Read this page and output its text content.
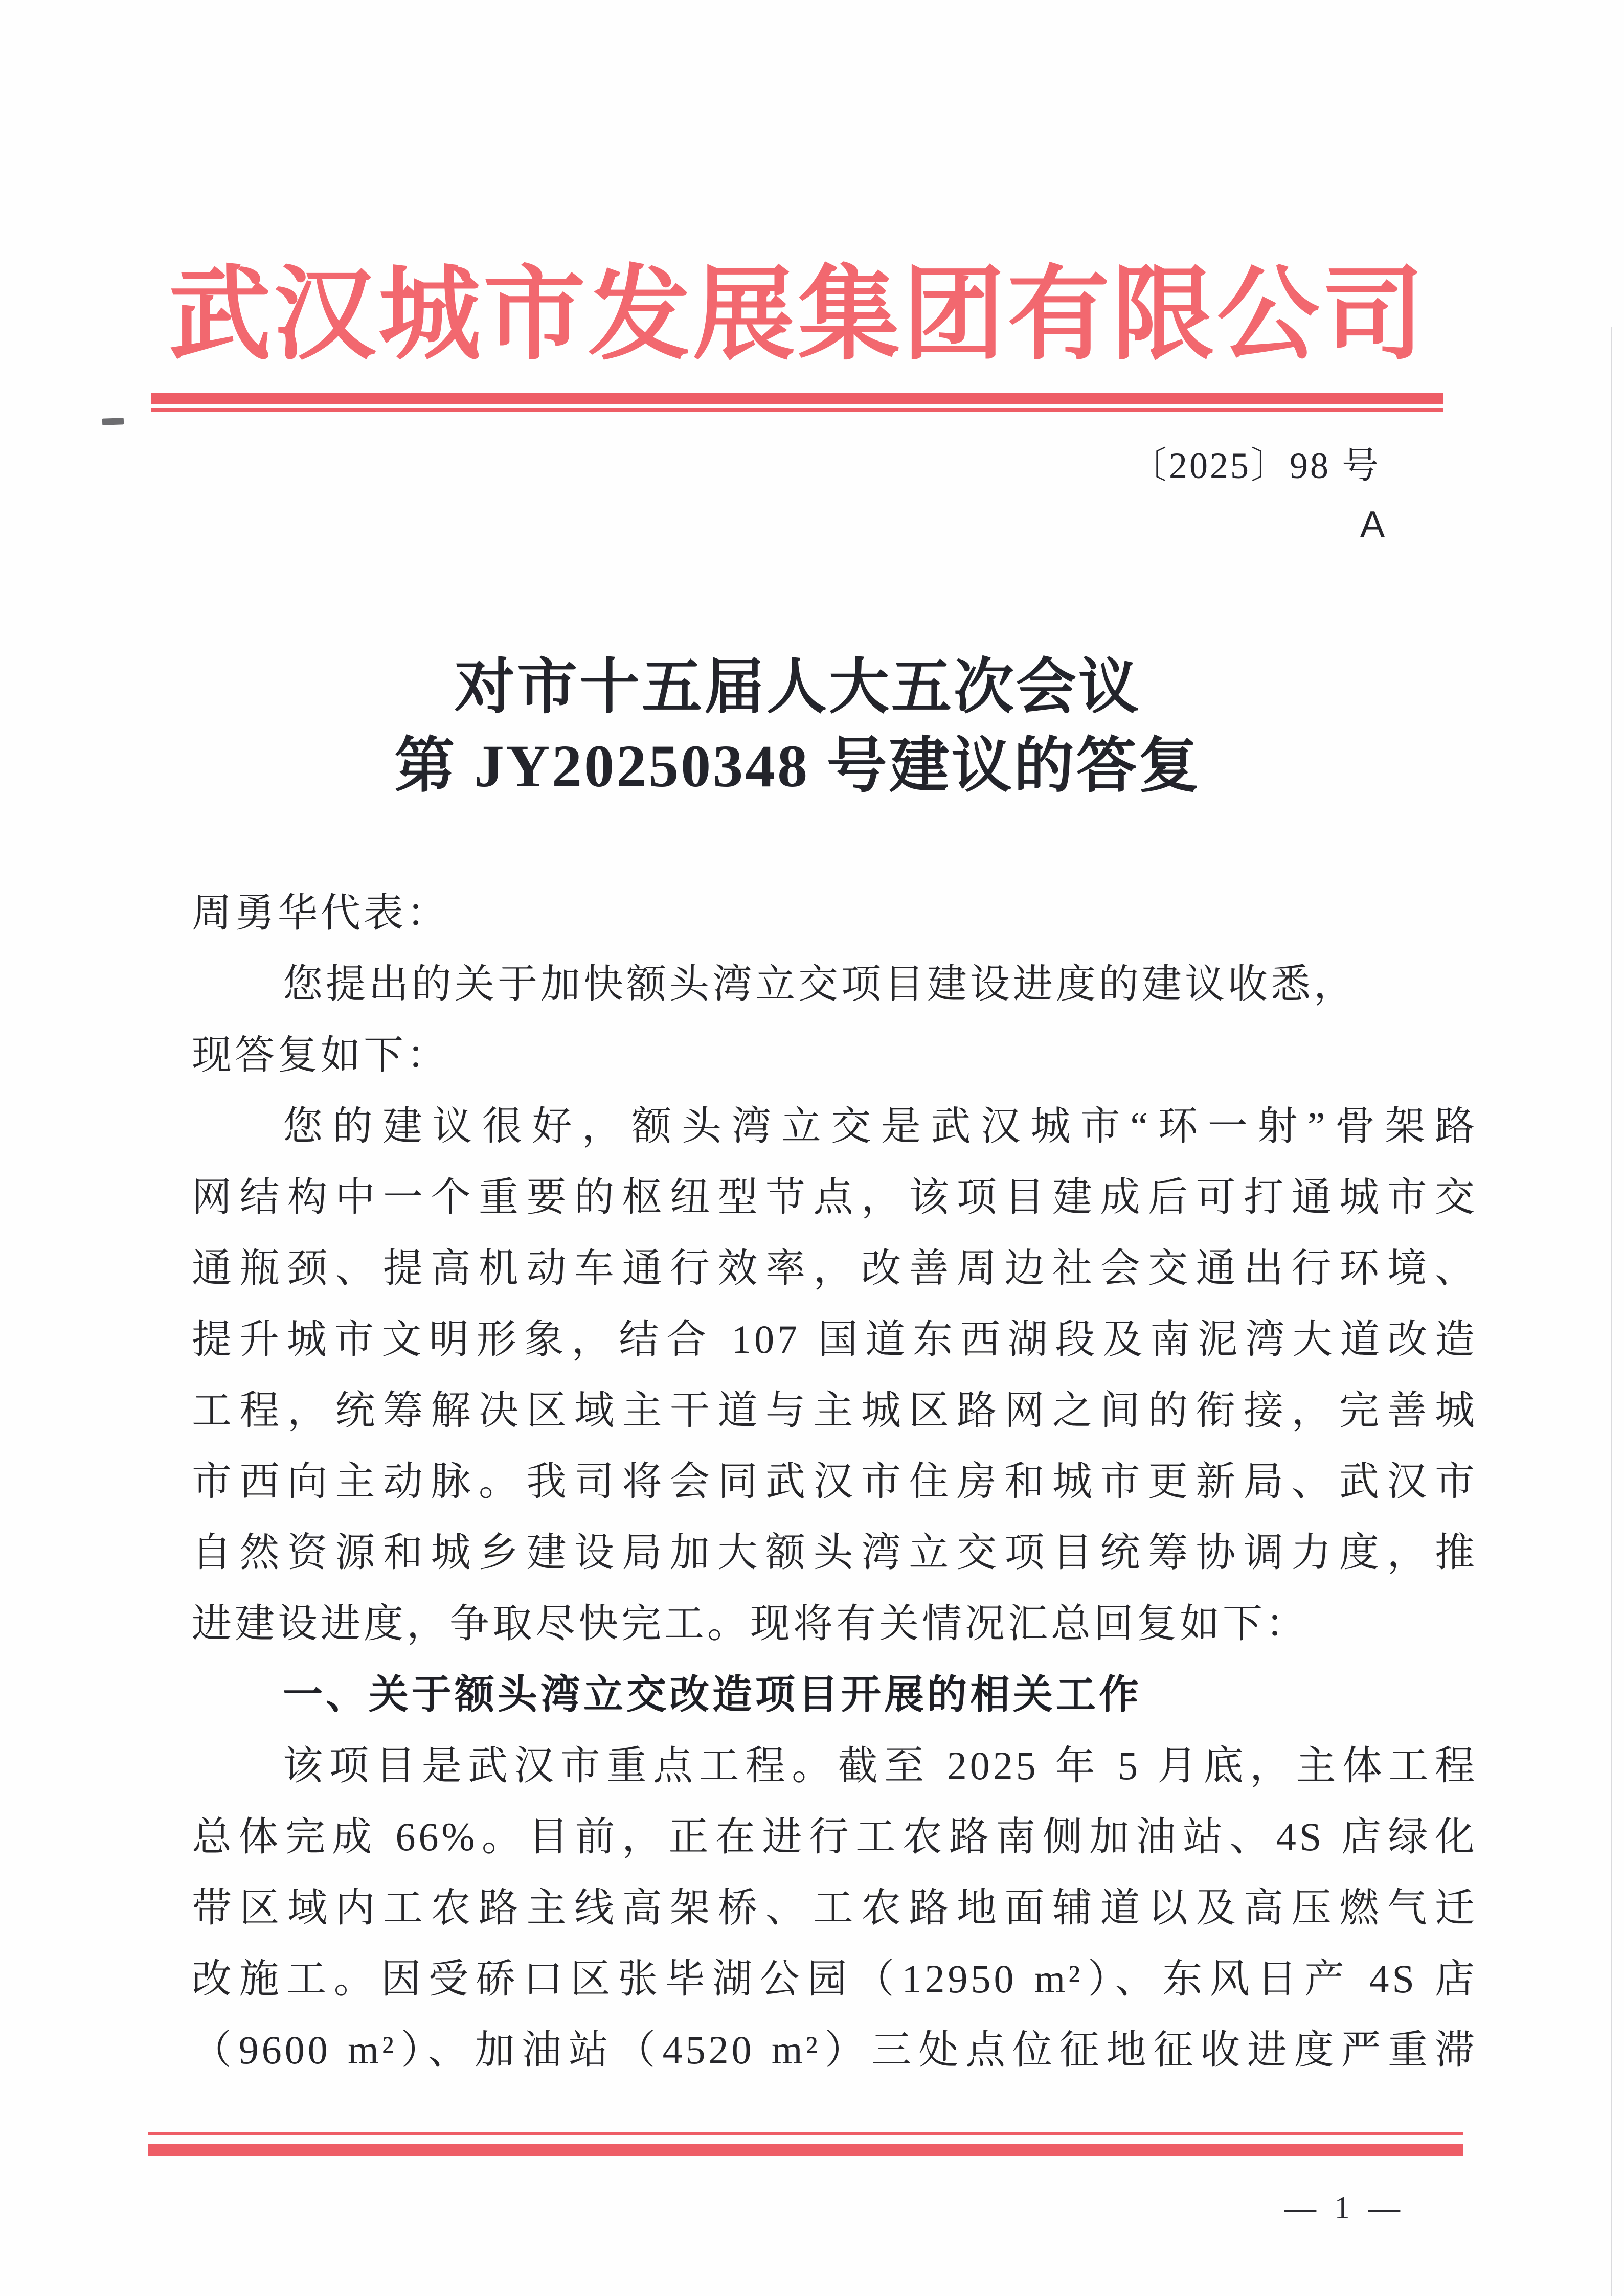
武汉城市发展集团有限公司
〔2025〕98 号
A
对市十五届人大五次会议
第 JY20250348 号建议的答复
周勇华代表：
您提出的关于加快额头湾立交项目建设进度的建议收悉，
现答复如下：
您的建议很好，额头湾立交是武汉城市“环一射”骨架路
网结构中一个重要的枢纽型节点，该项目建成后可打通城市交
通瓶颈、提高机动车通行效率，改善周边社会交通出行环境、
提升城市文明形象，结合 107 国道东西湖段及南泥湾大道改造
工程，统筹解决区域主干道与主城区路网之间的衔接，完善城
市西向主动脉。我司将会同武汉市住房和城市更新局、武汉市
自然资源和城乡建设局加大额头湾立交项目统筹协调力度，推
进建设进度，争取尽快完工。现将有关情况汇总回复如下：
一、关于额头湾立交改造项目开展的相关工作
该项目是武汉市重点工程。截至 2025 年 5 月底，主体工程
总体完成 66%。目前，正在进行工农路南侧加油站、4S 店绿化
带区域内工农路主线高架桥、工农路地面辅道以及高压燃气迁
改施工。因受硚口区张毕湖公园（12950 m²）、东风日产 4S 店
（9600 m²）、加油站（4520 m²）三处点位征地征收进度严重滞
— 1 —
